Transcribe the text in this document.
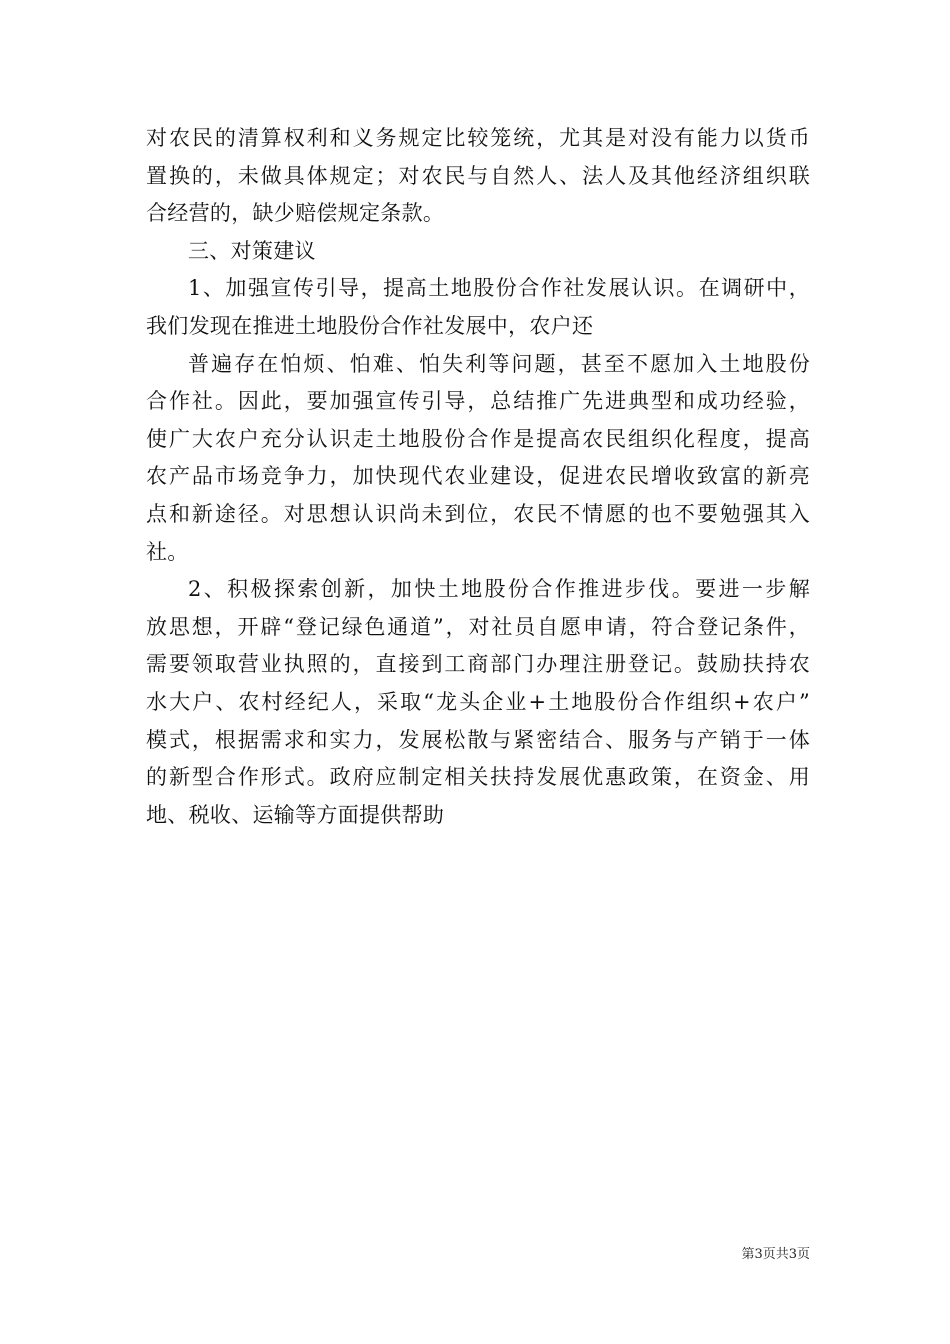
对农民的清算权利和义务规定比较笼统，尤其是对没有能力以货币
置换的，未做具体规定；对农民与自然人、法人及其他经济组织联
合经营的，缺少赔偿规定条款。
三、对策建议
1、加强宣传引导，提高土地股份合作社发展认识。在调研中，
我们发现在推进土地股份合作社发展中，农户还
普遍存在怕烦、怕难、怕失利等问题，甚至不愿加入土地股份
合作社。因此，要加强宣传引导，总结推广先进典型和成功经验，
使广大农户充分认识走土地股份合作是提高农民组织化程度，提高
农产品市场竞争力，加快现代农业建设，促进农民增收致富的新亮
点和新途径。对思想认识尚未到位，农民不情愿的也不要勉强其入
社。
2、积极探索创新，加快土地股份合作推进步伐。要进一步解
放思想，开辟“登记绿色通道”，对社员自愿申请，符合登记条件，
需要领取营业执照的，直接到工商部门办理注册登记。鼓励扶持农
水大户、农村经纪人，采取“龙头企业+土地股份合作组织+农户”
模式，根据需求和实力，发展松散与紧密结合、服务与产销于一体
的新型合作形式。政府应制定相关扶持发展优惠政策，在资金、用
地、税收、运输等方面提供帮助
第3页共3页
